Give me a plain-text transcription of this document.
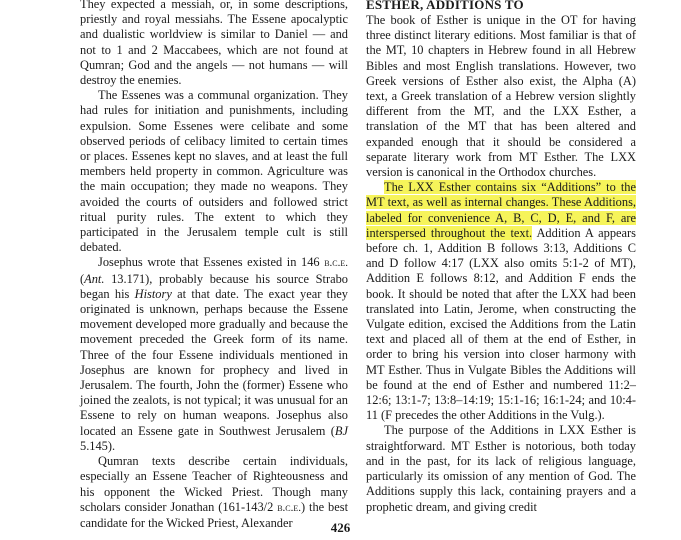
They expected a messiah, or, in some descriptions, priestly and royal messiahs. The Essene apocalyptic and dualistic worldview is similar to Daniel — and not to 1 and 2 Maccabees, which are not found at Qumran; God and the angels — not humans — will destroy the enemies.

The Essenes was a communal organization. They had rules for initiation and punishments, including expulsion. Some Essenes were celibate and some observed periods of celibacy limited to certain times or places. Essenes kept no slaves, and at least the full members held property in common. Agriculture was the main occupation; they made no weapons. They avoided the courts of outsiders and followed strict ritual purity rules. The extent to which they participated in the Jerusalem temple cult is still debated.

Josephus wrote that Essenes existed in 146 b.c.e. (Ant. 13.171), probably because his source Strabo began his History at that date. The exact year they originated is unknown, perhaps because the Essene movement developed more gradually and because the movement preceded the Greek form of its name. Three of the four Essene individuals mentioned in Josephus are known for prophecy and lived in Jerusalem. The fourth, John the (former) Essene who joined the zealots, is not typical; it was unusual for an Essene to rely on human weapons. Josephus also located an Essene gate in Southwest Jerusalem (BJ 5.145).

Qumran texts describe certain individuals, especially an Essene Teacher of Righteousness and his opponent the Wicked Priest. Though many scholars consider Jonathan (161-143/2 b.c.e.) the best candidate for the Wicked Priest, Alexander

ESTHER, ADDITIONS TO

The book of Esther is unique in the OT for having three distinct literary editions. Most familiar is that of the MT, 10 chapters in Hebrew found in all Hebrew Bibles and most English translations. However, two Greek versions of Esther also exist, the Alpha (A) text, a Greek translation of a Hebrew version slightly different from the MT, and the LXX Esther, a translation of the MT that has been altered and expanded enough that it should be considered a separate literary work from MT Esther. The LXX version is canonical in the Orthodox churches.

The LXX Esther contains six “Additions” to the MT text, as well as internal changes. These Additions, labeled for convenience A, B, C, D, E, and F, are interspersed throughout the text. Addition A appears before ch. 1, Addition B follows 3:13, Additions C and D follow 4:17 (LXX also omits 5:1-2 of MT), Addition E follows 8:12, and Addition F ends the book. It should be noted that after the LXX had been translated into Latin, Jerome, when constructing the Vulgate edition, excised the Additions from the Latin text and placed all of them at the end of Esther, in order to bring his version into closer harmony with MT Esther. Thus in Vulgate Bibles the Additions will be found at the end of Esther and numbered 11:2–12:6; 13:1-7; 13:8–14:19; 15:1-16; 16:1-24; and 10:4-11 (F precedes the other Additions in the Vulg.).

The purpose of the Additions in LXX Esther is straightforward. MT Esther is notorious, both today and in the past, for its lack of religious language, particularly its omission of any mention of God. The Additions supply this lack, containing prayers and a prophetic dream, and giving credit

426
